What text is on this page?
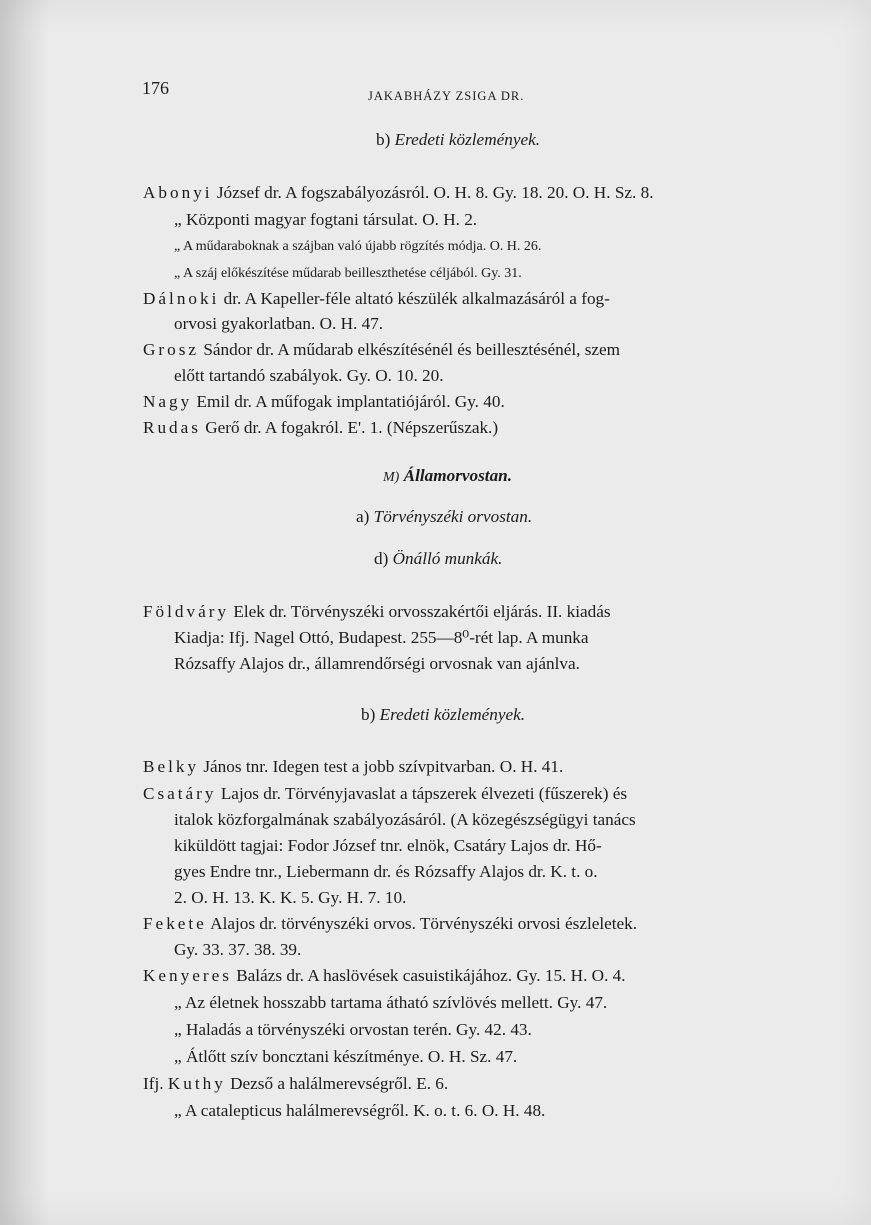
176	JAKABHÁZY ZSIGA DR.
b) Eredeti közlemények.
Abonyi József dr. A fogszabályozásról. O. H. 8. Gy. 18. 20. O. H. Sz. 8.
„ Központi magyar fogtani társulat. O. H. 2.
„ A műdaraboknak a szájban való újabb rögzítés módja. O. H. 26.
„ A száj előkészítése műdarab beilleszthetése céljából. Gy. 31.
Dálnoki dr. A Kapeller-féle altató készülék alkalmazásáról a fog-
orvosi gyakorlatban. O. H. 47.
Grosz Sándor dr. A műdarab elkészítésénél és beillesztésénél, szem
előtt tartandó szabályok. Gy. O. 10. 20.
Nagy Emil dr. A műfogak implantatiójáról. Gy. 40.
Rudas Gerő dr. A fogakról. E'. 1. (Népszerűszak.)
M) Államorvostan.
a) Törvényszéki orvostan.
d) Önálló munkák.
Földváry Elek dr. Törvényszéki orvosszakértői eljárás. II. kiadás
Kiadja: Ifj. Nagel Ottó, Budapest. 255—8⁰-rét lap. A munka
Rózsaffy Alajos dr., államrendőrségi orvosnak van ajánlva.
b) Eredeti közlemények.
Belky János tnr. Idegen test a jobb szívpitvarban. O. H. 41.
Csatáry Lajos dr. Törvényjavaslat a tápszerek élvezeti (fűszerek) és
italok közforgalmának szabályozásáról. (A közegészségügyi tanács
kiküldött tagjai: Fodor József tnr. elnök, Csatáry Lajos dr. Hő-
gyes Endre tnr., Liebermann dr. és Rózsaffy Alajos dr. K. t. o.
2. O. H. 13. K. K. 5. Gy. H. 7. 10.
Fekete Alajos dr. törvényszéki orvos. Törvényszéki orvosi észleletek.
Gy. 33. 37. 38. 39.
Kenyeres Balázs dr. A haslövések casuistikájához. Gy. 15. H. O. 4.
„ Az életnek hosszabb tartama átható szívlövés mellett. Gy. 47.
„ Haladás a törvényszéki orvostan terén. Gy. 42. 43.
„ Átlőtt szív boncztani készítménye. O. H. Sz. 47.
Ifj. Kuthy Dezső a halálmerevségről. E. 6.
„ A catalepticus halálmerevségről. K. o. t. 6. O. H. 48.
